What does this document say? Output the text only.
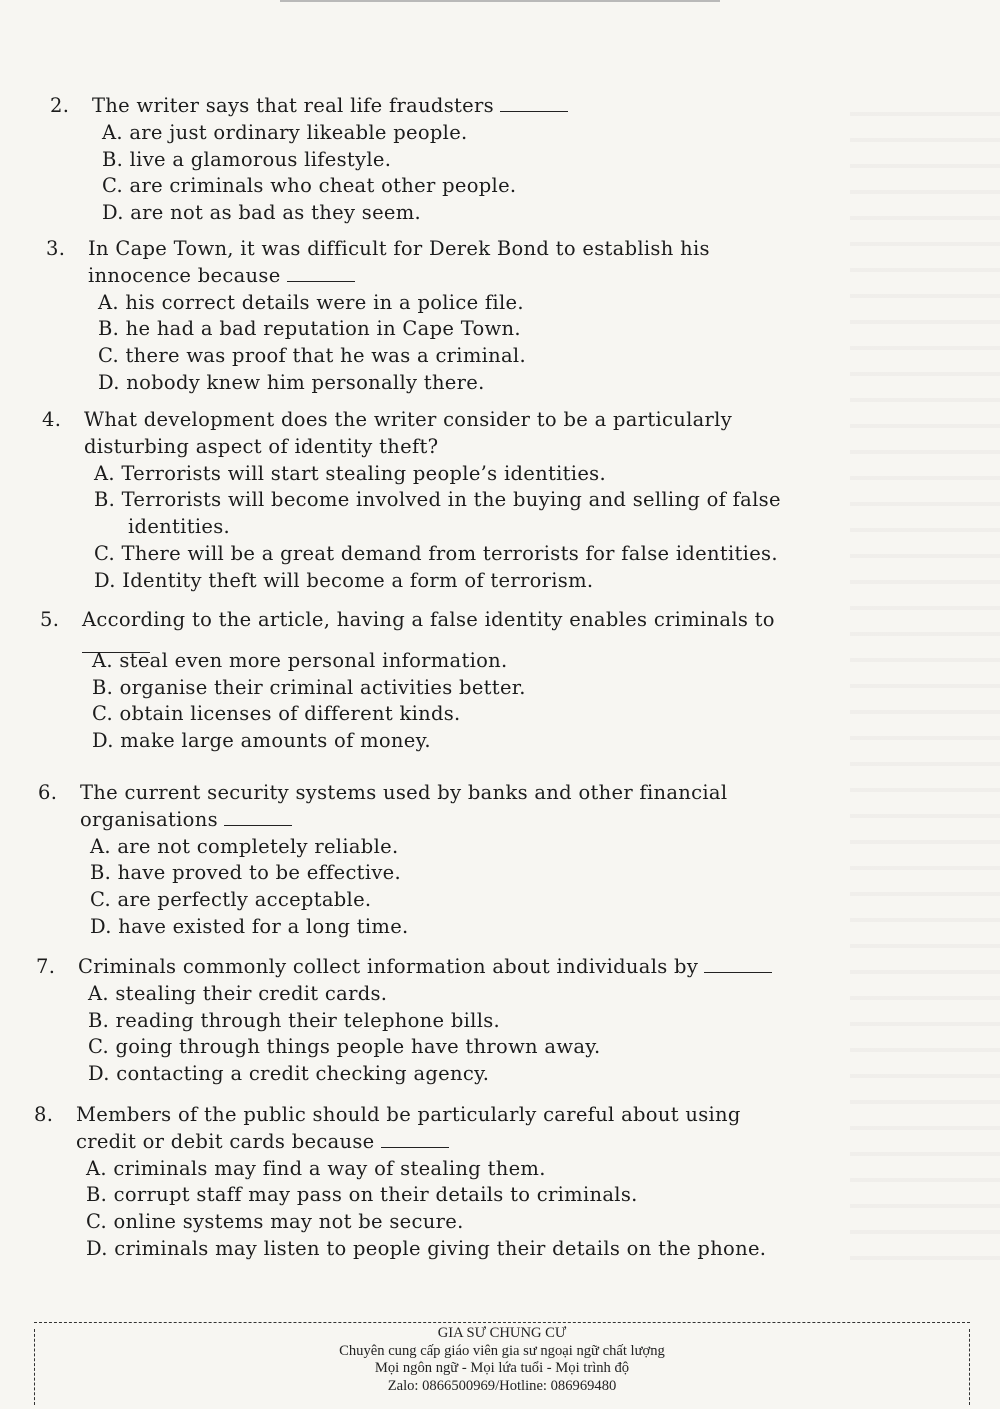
2. The writer says that real life fraudsters
A. are just ordinary likeable people.
B. live a glamorous lifestyle.
C. are criminals who cheat other people.
D. are not as bad as they seem.
3. In Cape Town, it was difficult for Derek Bond to establish his
innocence because
A. his correct details were in a police file.
B. he had a bad reputation in Cape Town.
C. there was proof that he was a criminal.
D. nobody knew him personally there.
4. What development does the writer consider to be a particularly
disturbing aspect of identity theft?
A. Terrorists will start stealing people’s identities.
B. Terrorists will become involved in the buying and selling of false
identities.
C. There will be a great demand from terrorists for false identities.
D. Identity theft will become a form of terrorism.
5. According to the article, having a false identity enables criminals to
A. steal even more personal information.
B. organise their criminal activities better.
C. obtain licenses of different kinds.
D. make large amounts of money.
6. The current security systems used by banks and other financial
organisations
A. are not completely reliable.
B. have proved to be effective.
C. are perfectly acceptable.
D. have existed for a long time.
7. Criminals commonly collect information about individuals by
A. stealing their credit cards.
B. reading through their telephone bills.
C. going through things people have thrown away.
D. contacting a credit checking agency.
8. Members of the public should be particularly careful about using
credit or debit cards because
A. criminals may find a way of stealing them.
B. corrupt staff may pass on their details to criminals.
C. online systems may not be secure.
D. criminals may listen to people giving their details on the phone.
GIA SƯ CHUNG CƯ
Chuyên cung cấp giáo viên gia sư ngoại ngữ chất lượng
Mọi ngôn ngữ - Mọi lứa tuổi - Mọi trình độ
Zalo: 0866500969/Hotline: 086969480
